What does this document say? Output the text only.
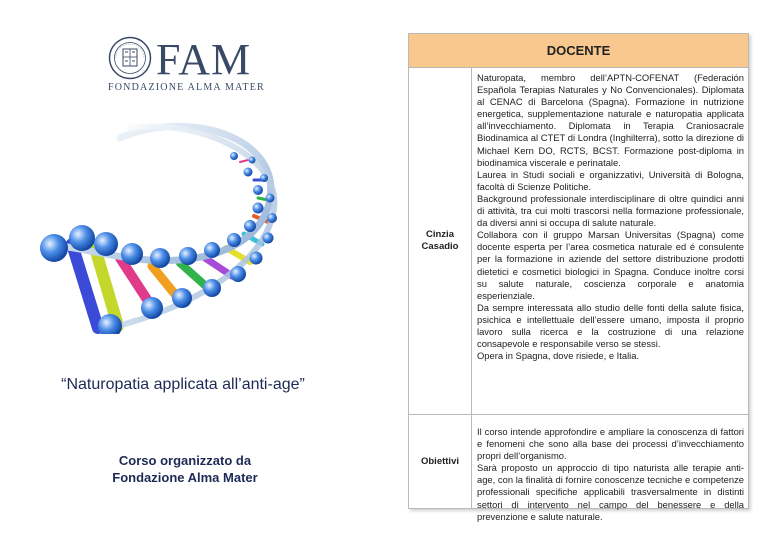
FAM
FONDAZIONE ALMA MATER
“Naturopatia applicata all’anti-age”
Corso organizzato da
Fondazione Alma Mater
DOCENTE
Cinzia
Casadio

Naturopata, membro dell’APTN-COFENAT (Federación Española Terapias Naturales y No Convencionales). Diplomata al CENAC di Barcelona (Spagna). Formazione in nutrizione energetica, supplementazione naturale e naturopatia applicata all’invecchiamento. Diplomata in Terapia Craniosacrale Biodinamica al CTET di Londra (Inghilterra), sotto la direzione di Michael Kern DO, RCTS, BCST. Formazione post-diploma in biodinamica viscerale e perinatale.

Laurea in Studi sociali e organizzativi, Università di Bologna, facoltà di Scienze Politiche.

Background professionale interdisciplinare di oltre quindici anni di attività, tra cui molti trascorsi nella formazione professionale, da diversi anni si occupa di salute naturale.

Collabora con il gruppo Marsan Universitas (Spagna) come docente esperta per l’area cosmetica naturale ed é consulente per la formazione in aziende del settore distribuzione prodotti dietetici e cosmetici biologici in Spagna. Conduce inoltre corsi su salute naturale, coscienza corporale e anatomia esperienziale.

Da sempre interessata allo studio delle fonti della salute fisica, psichica e intellettuale dell’essere umano, imposta il proprio lavoro sulla ricerca e la costruzione di una relazione consapevole e responsabile verso se stessi.

Opera in Spagna, dove risiede, e Italia.

Obiettivi

Il corso intende approfondire e ampliare la conoscenza di fattori e fenomeni che sono alla base dei processi d’invecchiamento propri dell’organismo.

Sarà proposto un approccio di tipo naturista alle terapie anti-age, con la finalità di fornire conoscenze tecniche e competenze professionali specifiche applicabili trasversalmente in distinti settori di intervento nel campo del benessere e della prevenzione e salute naturale.
